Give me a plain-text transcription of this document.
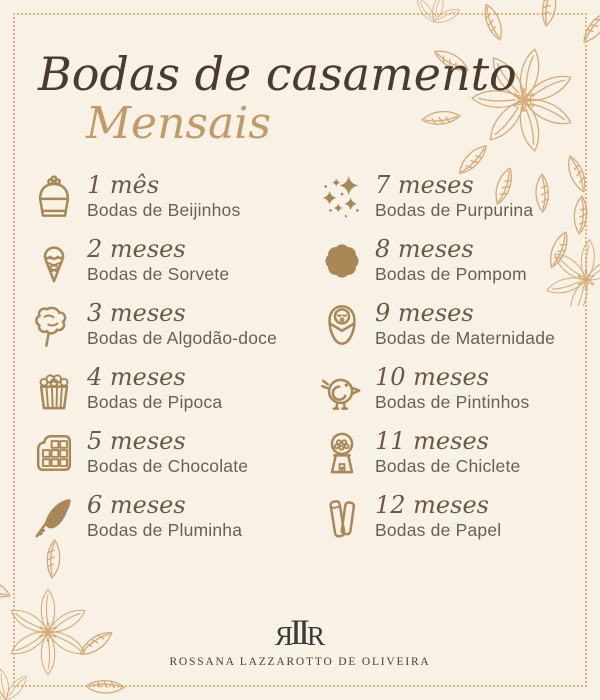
Bodas de casamento
Mensais
1 mês
Bodas de Beijinhos
2 meses
Bodas de Sorvete
3 meses
Bodas de Algodão-doce
4 meses
Bodas de Pipoca
5 meses
Bodas de Chocolate
6 meses
Bodas de Pluminha
7 meses
Bodas de Purpurina
8 meses
Bodas de Pompom
9 meses
Bodas de Maternidade
10 meses
Bodas de Pintinhos
11 meses
Bodas de Chiclete
12 meses
Bodas de Papel
Я
II R
ROSSANA LAZZAROTTO DE OLIVEIRA
